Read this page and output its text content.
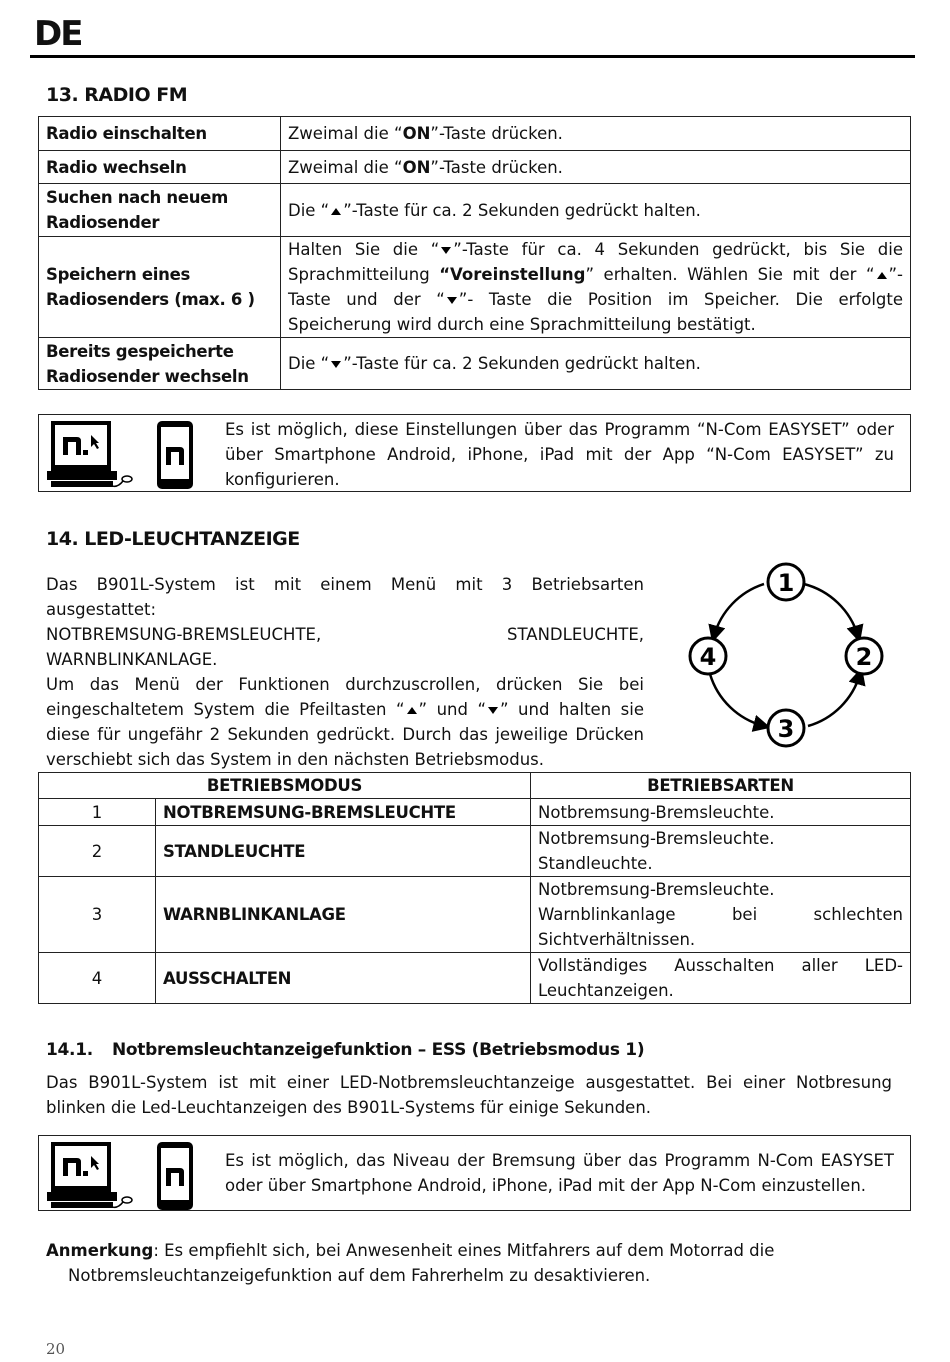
DE
13. RADIO FM
Radio einschalten	Zweimal die “ON”-Taste drücken.
Radio wechseln	Zweimal die “ON”-Taste drücken.
Suchen nach neuem
Radiosender	Die “ ”-Taste für ca. 2 Sekunden gedrückt halten.
Speichern eines
Radiosenders (max. 6 )	Halten Sie die “ ”-Taste für ca. 4 Sekunden gedrückt, bis Sie die Sprachmitteilung “Voreinstellung” erhalten. Wählen Sie mit der “ ”-Taste und der “ ”- Taste die Position im Speicher. Die erfolgte Speicherung wird durch eine Sprachmitteilung bestätigt.
Bereits gespeicherte
Radiosender wechseln	Die “ ”-Taste für ca. 2 Sekunden gedrückt halten.
Es ist möglich, diese Einstellungen über das Programm “N-Com EASYSET” oder über Smartphone Android, iPhone, iPad mit der App “N-Com EASYSET” zu konfigurieren.
14. LED-LEUCHTANZEIGE
Das B901L-System ist mit einem Menü mit 3 Betriebsarten ausgestattet:
NOTBREMSUNG-BREMSLEUCHTE,	STANDLEUCHTE,
WARNBLINKANLAGE.
Um das Menü der Funktionen durchzuscrollen, drücken Sie bei eingeschaltetem System die Pfeiltasten “ ” und “ ” und halten sie diese für ungefähr 2 Sekunden gedrückt. Durch das jeweilige Drücken verschiebt sich das System in den nächsten Betriebsmodus.
1
2
3
4
BETRIEBSMODUS		BETRIEBSARTEN
1	NOTBREMSUNG-BREMSLEUCHTE	Notbremsung-Bremsleuchte.
2	STANDLEUCHTE	Notbremsung-Bremsleuchte.
Standleuchte.
3	WARNBLINKANLAGE	Notbremsung-Bremsleuchte.
Warnblinkanlage bei schlechten Sichtverhältnissen.
4	AUSSCHALTEN	Vollständiges Ausschalten aller LED-Leuchtanzeigen.
14.1. Notbremsleuchtanzeigefunktion – ESS (Betriebsmodus 1)
Das B901L-System ist mit einer LED-Notbremsleuchtanzeige ausgestattet. Bei einer Notbresung blinken die Led-Leuchtanzeigen des B901L-Systems für einige Sekunden.
Es ist möglich, das Niveau der Bremsung über das Programm N-Com EASYSET oder über Smartphone Android, iPhone, iPad mit der App N-Com einzustellen.
Anmerkung: Es empfiehlt sich, bei Anwesenheit eines Mitfahrers auf dem Motorrad die
Notbremsleuchtanzeigefunktion auf dem Fahrerhelm zu desaktivieren.
20
